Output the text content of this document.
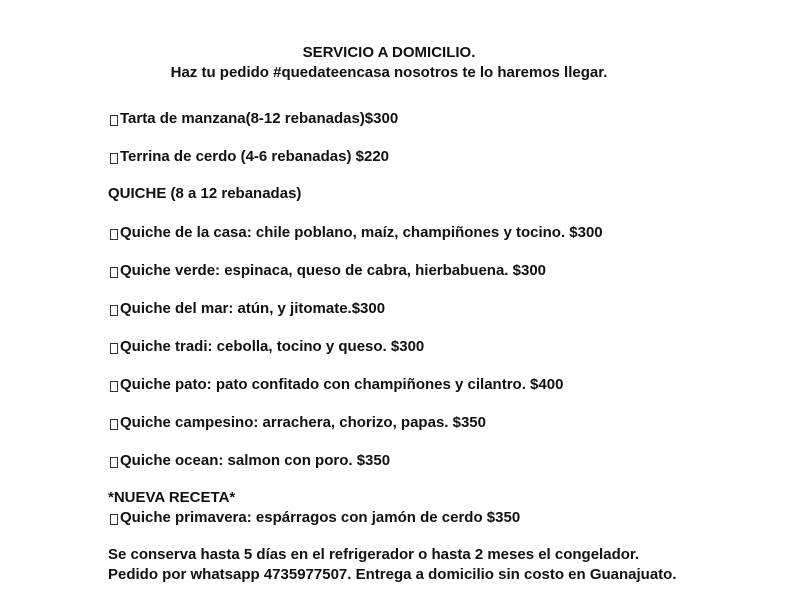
SERVICIO A DOMICILIO.

Haz tu pedido #quedateencasa nosotros te lo haremos llegar.

Tarta de manzana(8-12 rebanadas)$300

Terrina de cerdo (4-6 rebanadas) $220

QUICHE (8 a 12 rebanadas)

Quiche de la casa: chile poblano, maíz, champiñones y tocino. $300

Quiche verde: espinaca, queso de cabra, hierbabuena. $300

Quiche del mar: atún, y jitomate.$300

Quiche tradi: cebolla, tocino y queso. $300

Quiche pato: pato confitado con champiñones y cilantro. $400

Quiche campesino: arrachera, chorizo, papas. $350

Quiche ocean: salmon con poro. $350

*NUEVA RECETA*

Quiche primavera: espárragos con jamón de cerdo $350

Se conserva hasta 5 días en el refrigerador o hasta 2 meses el congelador.

Pedido por whatsapp 4735977507. Entrega a domicilio sin costo en Guanajuato.
